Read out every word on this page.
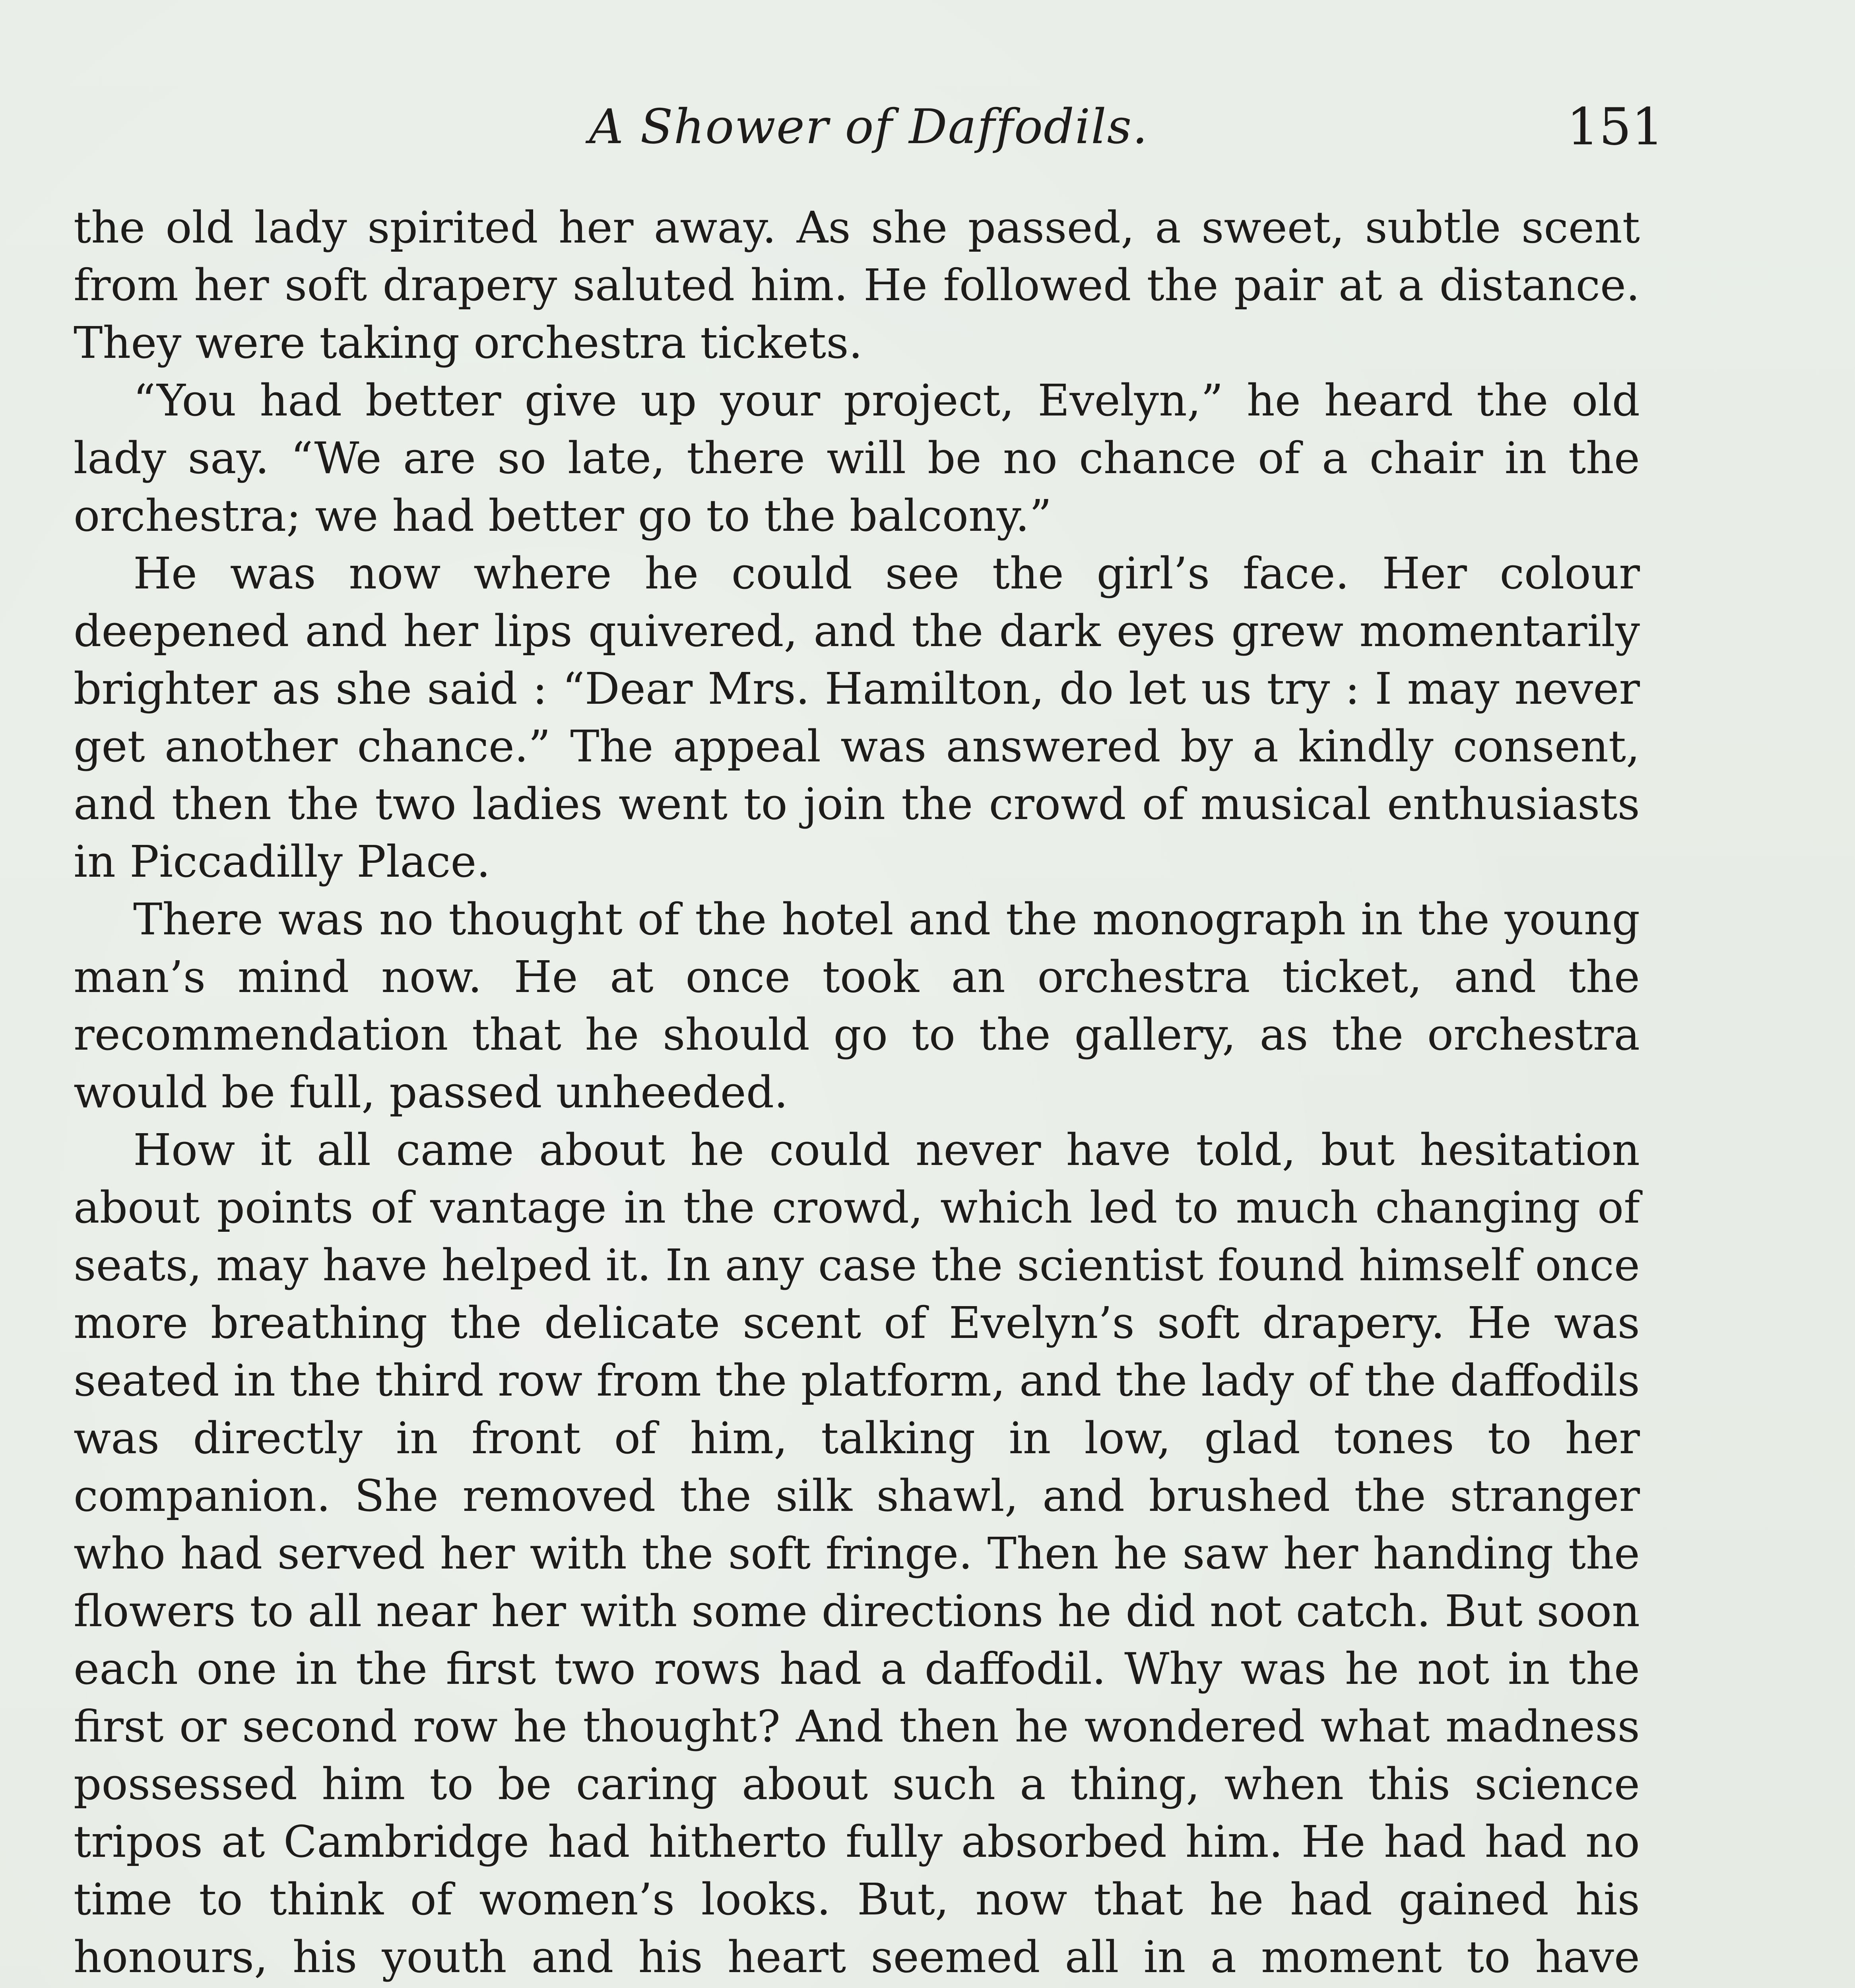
A Shower of Daffodils.	151

the old lady spirited her away. As she passed, a sweet, subtle scent from her soft drapery saluted him. He followed the pair at a distance. They were taking orchestra tickets.

“You had better give up your project, Evelyn,” he heard the old lady say. “We are so late, there will be no chance of a chair in the orchestra; we had better go to the balcony.”

He was now where he could see the girl’s face. Her colour deepened and her lips quivered, and the dark eyes grew momentarily brighter as she said : “Dear Mrs. Hamilton, do let us try : I may never get another chance.” The appeal was answered by a kindly consent, and then the two ladies went to join the crowd of musical enthusiasts in Piccadilly Place.

There was no thought of the hotel and the monograph in the young man’s mind now. He at once took an orchestra ticket, and the recommendation that he should go to the gallery, as the orchestra would be full, passed unheeded.

How it all came about he could never have told, but hesitation about points of vantage in the crowd, which led to much changing of seats, may have helped it. In any case the scientist found himself once more breathing the delicate scent of Evelyn’s soft drapery. He was seated in the third row from the platform, and the lady of the daffodils was directly in front of him, talking in low, glad tones to her companion. She removed the silk shawl, and brushed the stranger who had served her with the soft fringe. Then he saw her handing the flowers to all near her with some directions he did not catch. But soon each one in the first two rows had a daffodil. Why was he not in the first or second row he thought? And then he wondered what madness possessed him to be caring about such a thing, when this science tripos at Cambridge had hitherto fully absorbed him. He had had no time to think of women’s looks. But, now that he had gained his honours, his youth and his heart seemed all in a moment to have
